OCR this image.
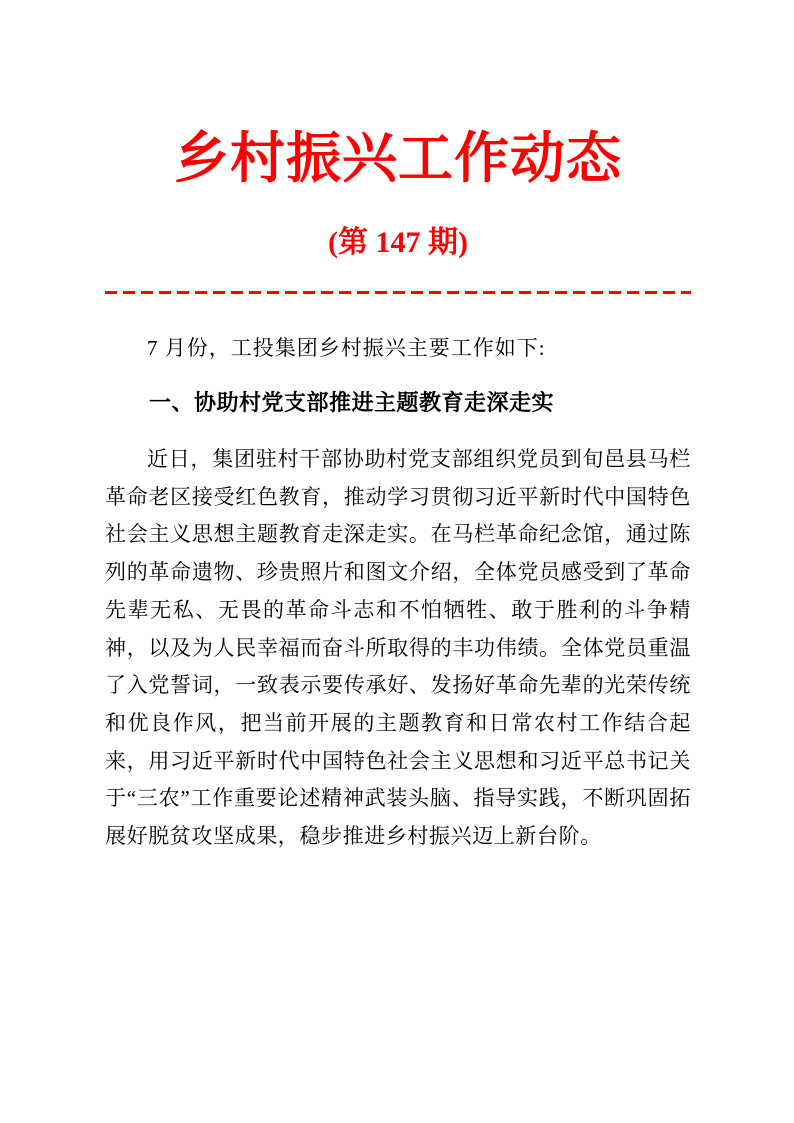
乡村振兴工作动态
(第 147 期)

7 月份，工投集团乡村振兴主要工作如下:

一、协助村党支部推进主题教育走深走实

近日，集团驻村干部协助村党支部组织党员到旬邑县马栏革命老区接受红色教育，推动学习贯彻习近平新时代中国特色社会主义思想主题教育走深走实。在马栏革命纪念馆，通过陈列的革命遗物、珍贵照片和图文介绍，全体党员感受到了革命先辈无私、无畏的革命斗志和不怕牺牲、敢于胜利的斗争精神，以及为人民幸福而奋斗所取得的丰功伟绩。全体党员重温了入党誓词，一致表示要传承好、发扬好革命先辈的光荣传统和优良作风，把当前开展的主题教育和日常农村工作结合起来，用习近平新时代中国特色社会主义思想和习近平总书记关于“三农”工作重要论述精神武装头脑、指导实践，不断巩固拓展好脱贫攻坚成果，稳步推进乡村振兴迈上新台阶。
